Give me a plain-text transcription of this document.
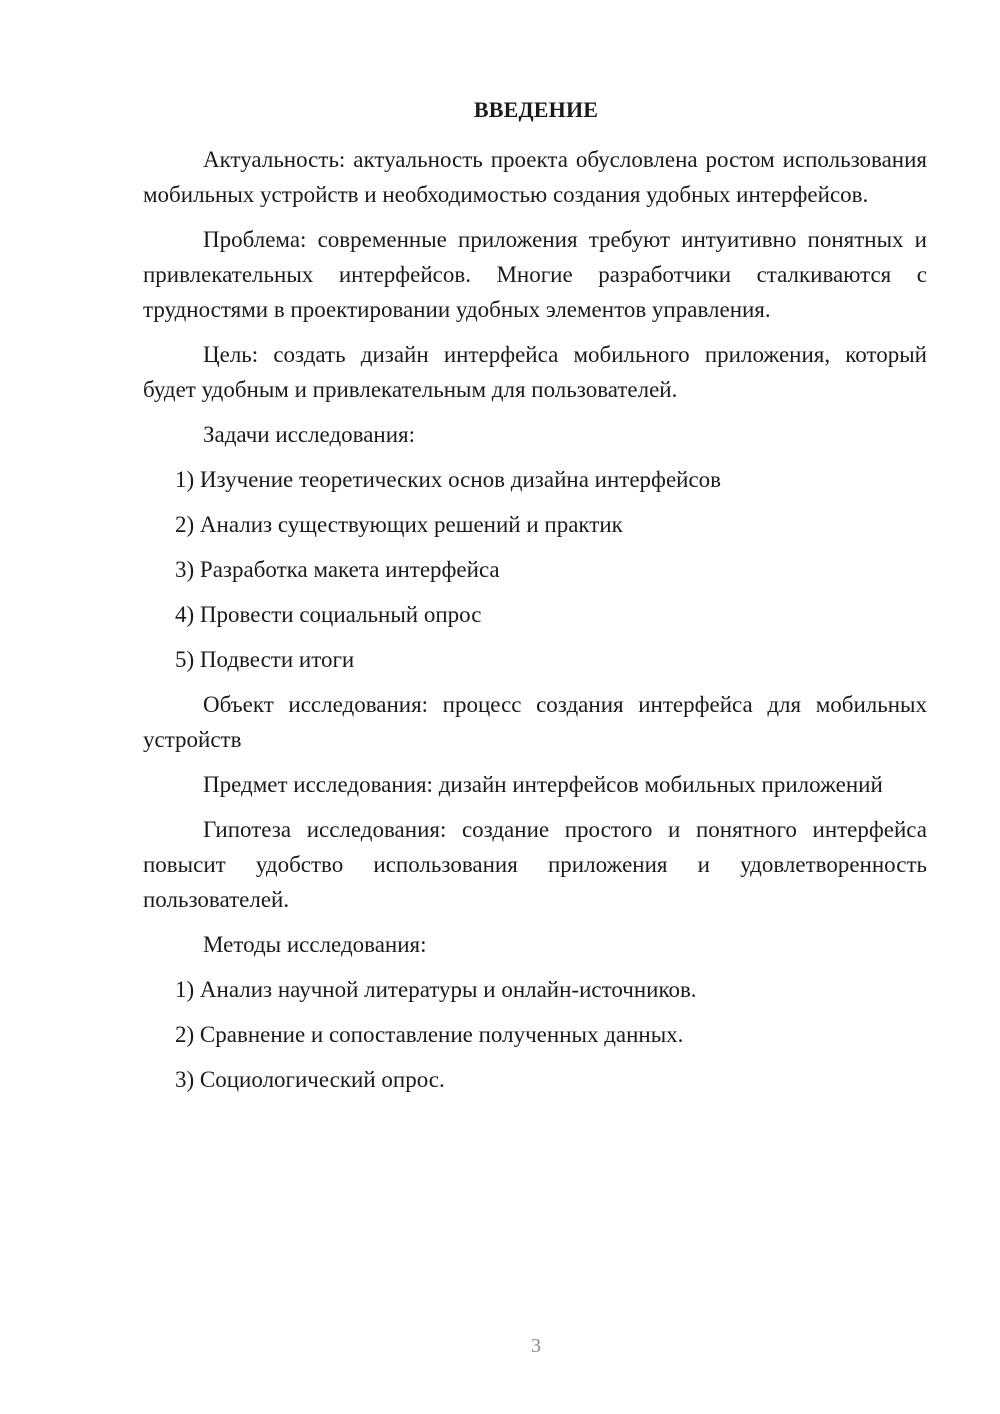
ВВЕДЕНИЕ

Актуальность: актуальность проекта обусловлена ростом использования мобильных устройств и необходимостью создания удобных интерфейсов.

Проблема: современные приложения требуют интуитивно понятных и привлекательных интерфейсов. Многие разработчики сталкиваются с трудностями в проектировании удобных элементов управления.

Цель: создать дизайн интерфейса мобильного приложения, который будет удобным и привлекательным для пользователей.

Задачи исследования:

1) Изучение теоретических основ дизайна интерфейсов

2) Анализ существующих решений и практик

3) Разработка макета интерфейса

4) Провести социальный опрос

5) Подвести итоги

Объект исследования: процесс создания интерфейса для мобильных устройств

Предмет исследования: дизайн интерфейсов мобильных приложений

Гипотеза исследования: создание простого и понятного интерфейса повысит удобство использования приложения и удовлетворенность пользователей.

Методы исследования:

1) Анализ научной литературы и онлайн-источников.

2) Сравнение и сопоставление полученных данных.

3) Социологический опрос.

3
